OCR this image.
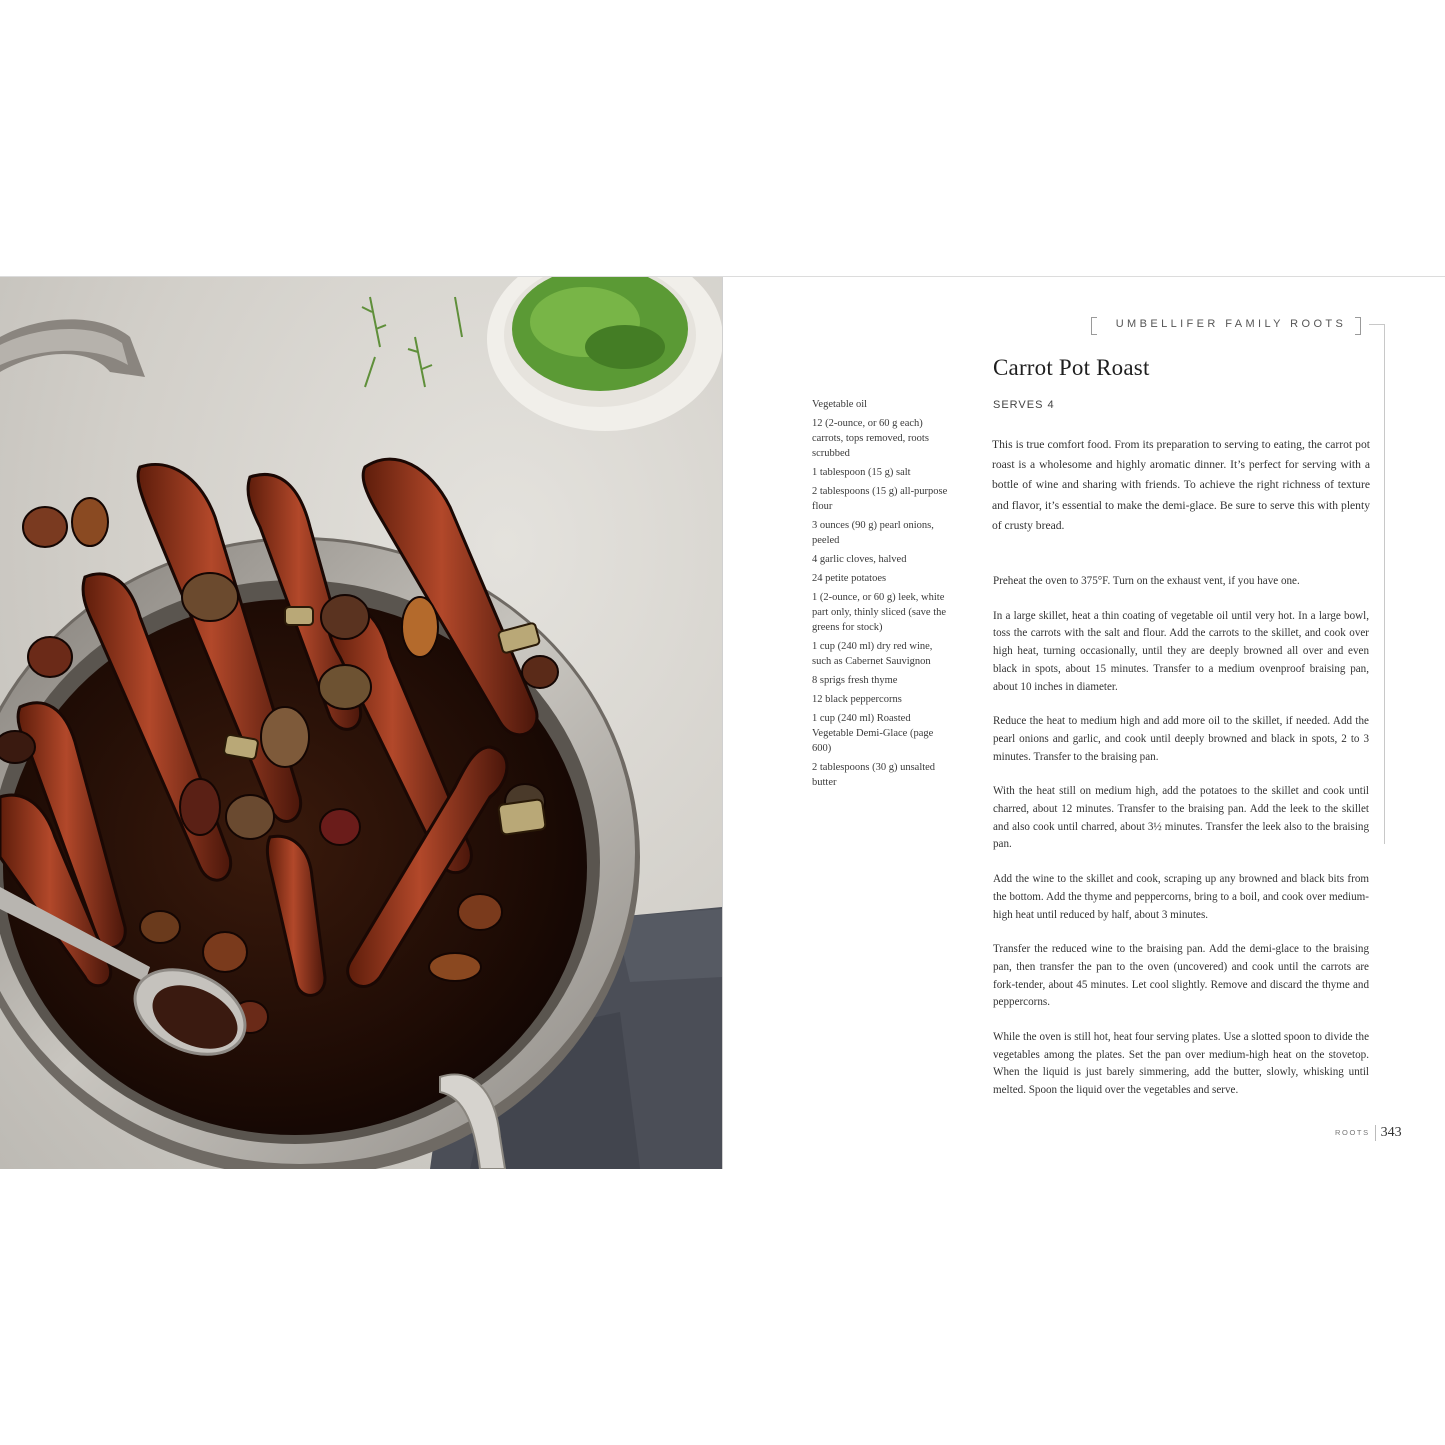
UMBELLIFER FAMILY ROOTS
Carrot Pot Roast
SERVES 4
Vegetable oil
12 (2-ounce, or 60 g each) carrots, tops removed, roots scrubbed
1 tablespoon (15 g) salt
2 tablespoons (15 g) all-purpose flour
3 ounces (90 g) pearl onions, peeled
4 garlic cloves, halved
24 petite potatoes
1 (2-ounce, or 60 g) leek, white part only, thinly sliced (save the greens for stock)
1 cup (240 ml) dry red wine, such as Cabernet Sauvignon
8 sprigs fresh thyme
12 black peppercorns
1 cup (240 ml) Roasted Vegetable Demi-Glace (page 600)
2 tablespoons (30 g) unsalted butter

This is true comfort food. From its preparation to serving to eating, the carrot pot roast is a wholesome and highly aromatic dinner. It’s perfect for serving with a bottle of wine and sharing with friends. To achieve the right richness of texture and flavor, it’s essential to make the demi-glace. Be sure to serve this with plenty of crusty bread.

Preheat the oven to 375°F. Turn on the exhaust vent, if you have one.

In a large skillet, heat a thin coating of vegetable oil until very hot. In a large bowl, toss the carrots with the salt and flour. Add the carrots to the skillet, and cook over high heat, turning occasionally, until they are deeply browned all over and even black in spots, about 15 minutes. Transfer to a medium ovenproof braising pan, about 10 inches in diameter.

Reduce the heat to medium high and add more oil to the skillet, if needed. Add the pearl onions and garlic, and cook until deeply browned and black in spots, 2 to 3 minutes. Transfer to the braising pan.

With the heat still on medium high, add the potatoes to the skillet and cook until charred, about 12 minutes. Transfer to the braising pan. Add the leek to the skillet and also cook until charred, about 3½ minutes. Transfer the leek also to the braising pan.

Add the wine to the skillet and cook, scraping up any browned and black bits from the bottom. Add the thyme and peppercorns, bring to a boil, and cook over medium-high heat until reduced by half, about 3 minutes.

Transfer the reduced wine to the braising pan. Add the demi-glace to the braising pan, then transfer the pan to the oven (uncovered) and cook until the carrots are fork-tender, about 45 minutes. Let cool slightly. Remove and discard the thyme and peppercorns.

While the oven is still hot, heat four serving plates. Use a slotted spoon to divide the vegetables among the plates. Set the pan over medium-high heat on the stovetop. When the liquid is just barely simmering, add the butter, slowly, whisking until melted. Spoon the liquid over the vegetables and serve.

ROOTS 343
